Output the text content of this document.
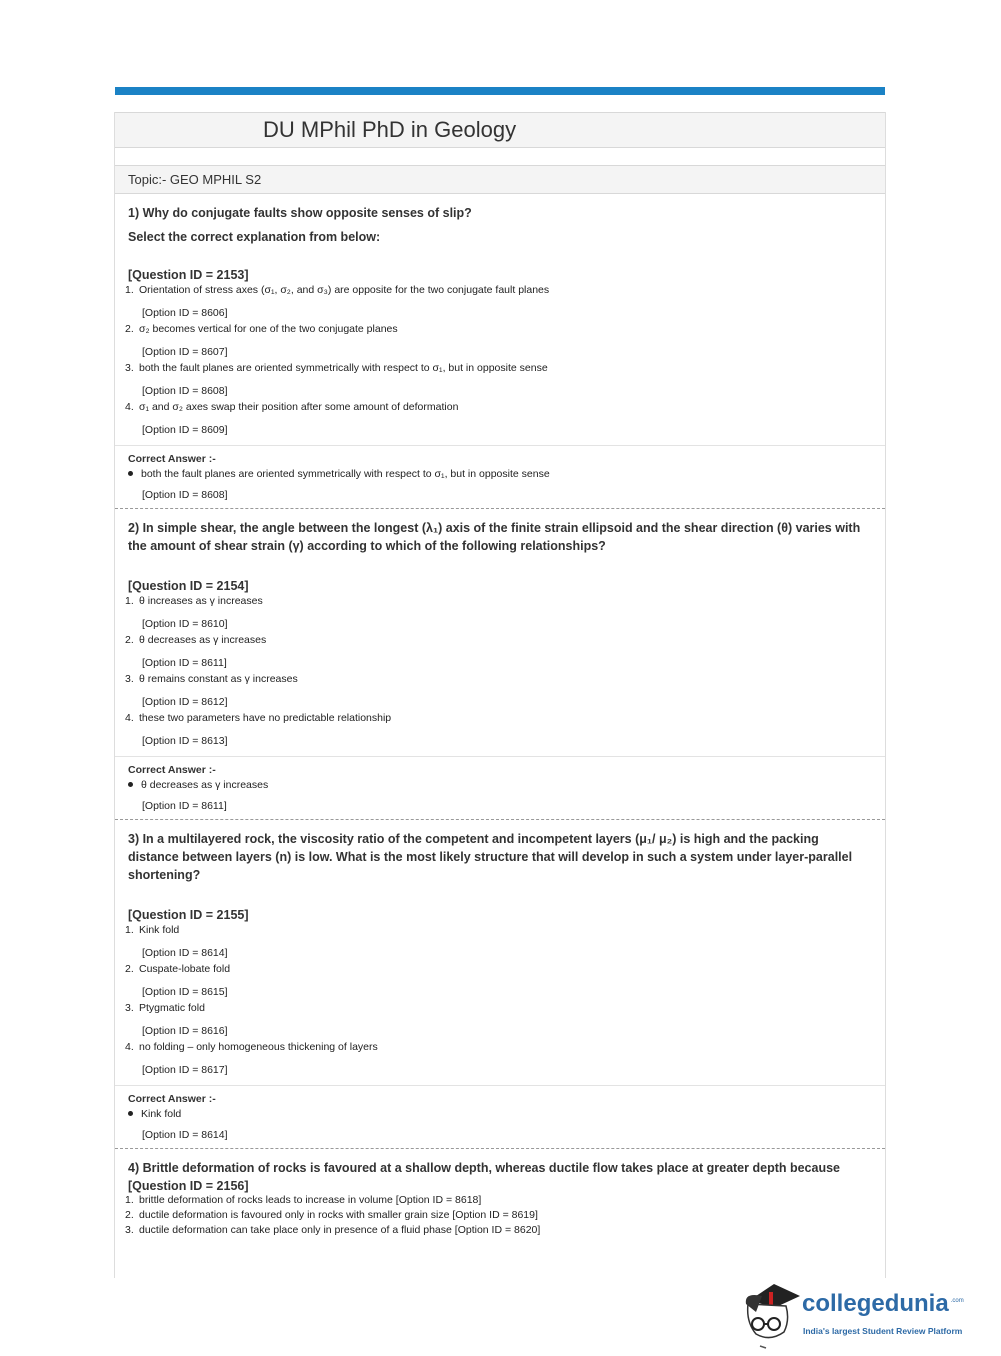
DU MPhil PhD in Geology
Topic:- GEO MPHIL S2
1) Why do conjugate faults show opposite senses of slip?
Select the correct explanation from below:
[Question ID = 2153]
1. Orientation of stress axes (σ₁, σ₂, and σ₃) are opposite for the two conjugate fault planes
[Option ID = 8606]
2. σ₂ becomes vertical for one of the two conjugate planes
[Option ID = 8607]
3. both the fault planes are oriented symmetrically with respect to σ₁, but in opposite sense
[Option ID = 8608]
4. σ₁ and σ₂ axes swap their position after some amount of deformation
[Option ID = 8609]
Correct Answer :-
both the fault planes are oriented symmetrically with respect to σ₁, but in opposite sense
[Option ID = 8608]
2) In simple shear, the angle between the longest (λ₁) axis of the finite strain ellipsoid and the shear direction (θ) varies with the amount of shear strain (γ) according to which of the following relationships?
[Question ID = 2154]
1. θ increases as γ increases
[Option ID = 8610]
2. θ decreases as γ increases
[Option ID = 8611]
3. θ remains constant as γ increases
[Option ID = 8612]
4. these two parameters have no predictable relationship
[Option ID = 8613]
Correct Answer :-
θ decreases as γ increases
[Option ID = 8611]
3) In a multilayered rock, the viscosity ratio of the competent and incompetent layers (μ₁/ μ₂) is high and the packing distance between layers (n) is low. What is the most likely structure that will develop in such a system under layer-parallel shortening?
[Question ID = 2155]
1. Kink fold
[Option ID = 8614]
2. Cuspate-lobate fold
[Option ID = 8615]
3. Ptygmatic fold
[Option ID = 8616]
4. no folding – only homogeneous thickening of layers
[Option ID = 8617]
Correct Answer :-
Kink fold
[Option ID = 8614]
4) Brittle deformation of rocks is favoured at a shallow depth, whereas ductile flow takes place at greater depth because
[Question ID = 2156]
1. brittle deformation of rocks leads to increase in volume [Option ID = 8618]
2. ductile deformation is favoured only in rocks with smaller grain size [Option ID = 8619]
3. ductile deformation can take place only in presence of a fluid phase [Option ID = 8620]
collegedunia .com
India's largest Student Review Platform
